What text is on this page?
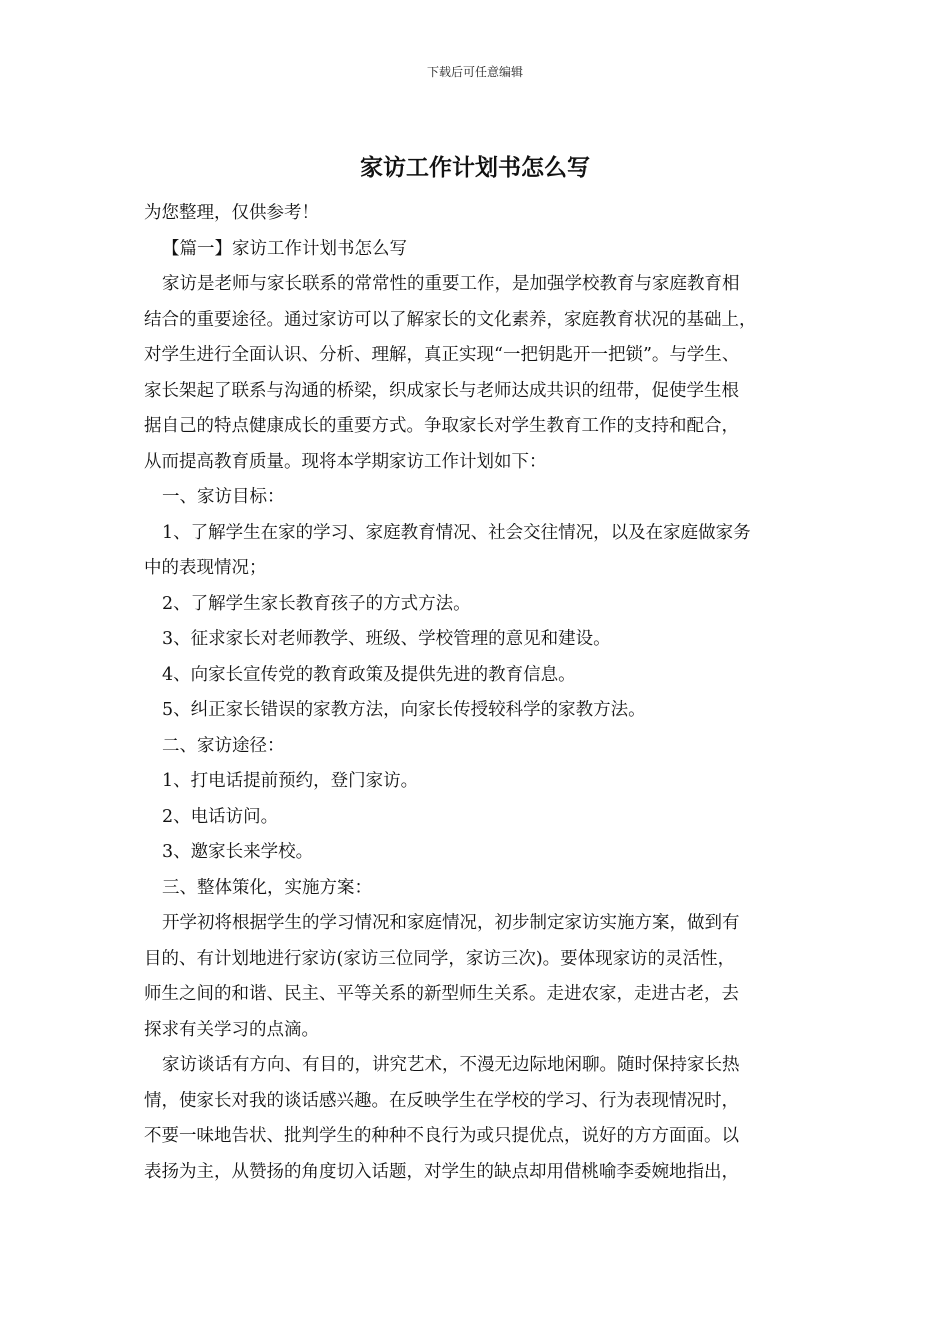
下载后可任意编辑
家访工作计划书怎么写
为您整理，仅供参考！
【篇一】家访工作计划书怎么写
家访是老师与家长联系的常常性的重要工作，是加强学校教育与家庭教育相
结合的重要途径。通过家访可以了解家长的文化素养，家庭教育状况的基础上，
对学生进行全面认识、分析、理解，真正实现“一把钥匙开一把锁”。与学生、
家长架起了联系与沟通的桥梁，织成家长与老师达成共识的纽带，促使学生根
据自己的特点健康成长的重要方式。争取家长对学生教育工作的支持和配合，
从而提高教育质量。现将本学期家访工作计划如下：
一、家访目标：
1、了解学生在家的学习、家庭教育情况、社会交往情况，以及在家庭做家务
中的表现情况；
2、了解学生家长教育孩子的方式方法。
3、征求家长对老师教学、班级、学校管理的意见和建设。
4、向家长宣传党的教育政策及提供先进的教育信息。
5、纠正家长错误的家教方法，向家长传授较科学的家教方法。
二、家访途径：
1、打电话提前预约，登门家访。
2、电话访问。
3、邀家长来学校。
三、整体策化，实施方案：
开学初将根据学生的学习情况和家庭情况，初步制定家访实施方案，做到有
目的、有计划地进行家访(家访三位同学，家访三次)。要体现家访的灵活性，
师生之间的和谐、民主、平等关系的新型师生关系。走进农家，走进古老，去
探求有关学习的点滴。
家访谈话有方向、有目的，讲究艺术，不漫无边际地闲聊。随时保持家长热
情，使家长对我的谈话感兴趣。在反映学生在学校的学习、行为表现情况时，
不要一味地告状、批判学生的种种不良行为或只提优点，说好的方方面面。以
表扬为主，从赞扬的角度切入话题，对学生的缺点却用借桃喻李委婉地指出，
